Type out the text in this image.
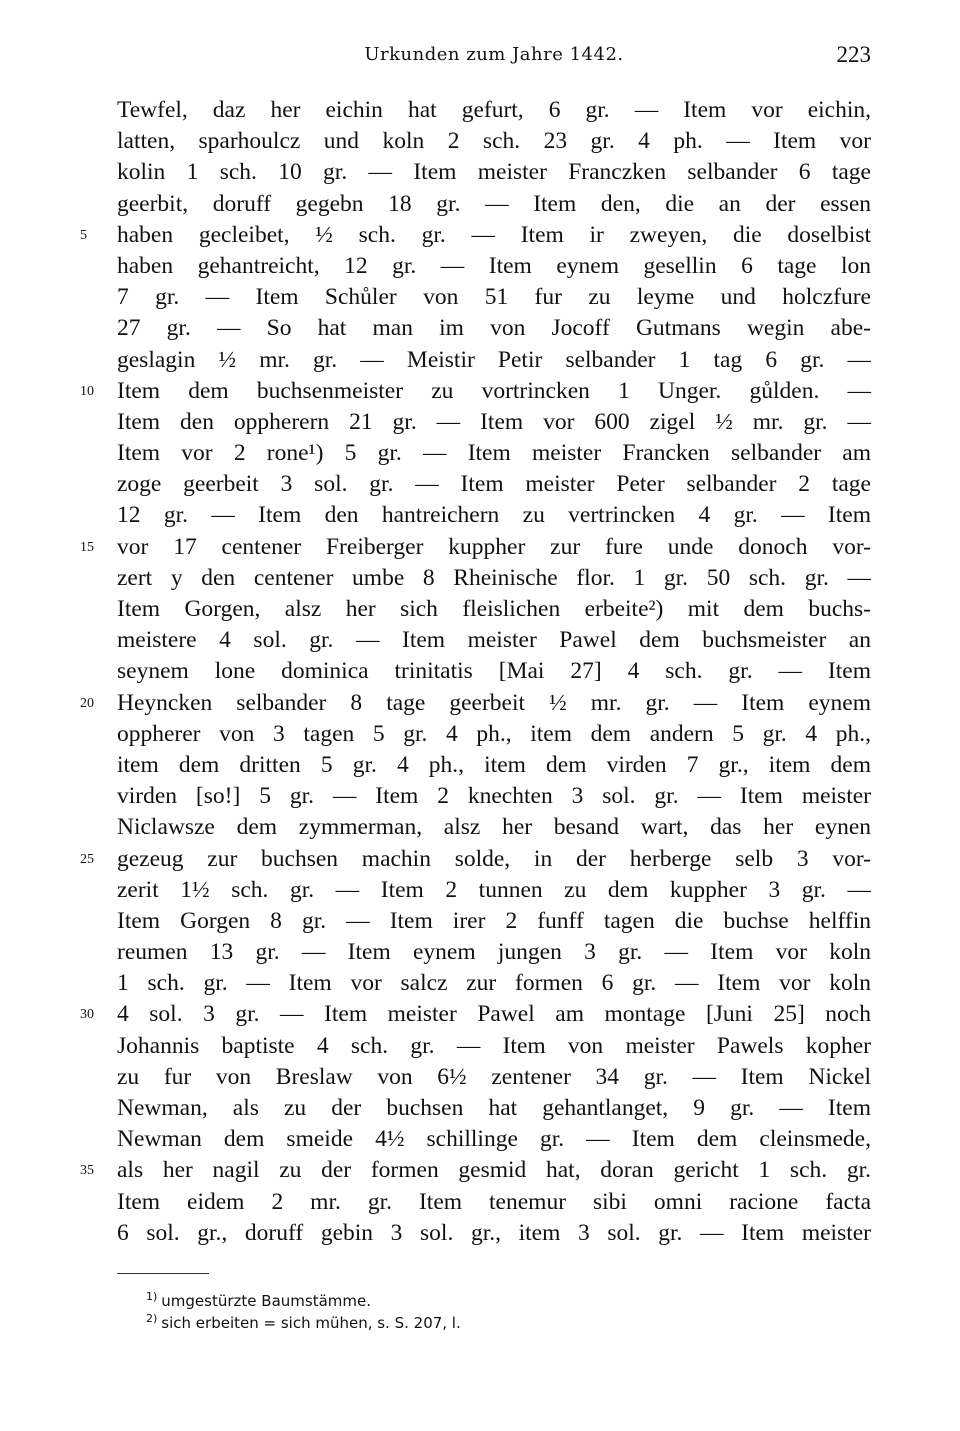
Urkunden zum Jahre 1442.	223
Tewfel, daz her eichin hat gefurt, 6 gr. — Item vor eichin,
latten, sparhoulcz und koln 2 sch. 23 gr. 4 ph. — Item vor
kolin 1 sch. 10 gr. — Item meister Franczken selbander 6 tage
geerbit, doruff gegebn 18 gr. — Item den, die an der essen
5	haben gecleibet, ½ sch. gr. — Item ir zweyen, die doselbist
haben gehantreicht, 12 gr. — Item eynem gesellin 6 tage lon
7 gr. — Item Schůler von 51 fur zu leyme und holczfure
27 gr. — So hat man im von Jocoff Gutmans wegin abe-
geslagin ½ mr. gr. — Meistir Petir selbander 1 tag 6 gr. —
10 Item dem buchsenmeister zu vortrincken 1 Unger. gůlden. —
Item den oppherern 21 gr. — Item vor 600 zigel ½ mr. gr. —
Item vor 2 rone¹) 5 gr. — Item meister Francken selbander am
zoge geerbeit 3 sol. gr. — Item meister Peter selbander 2 tage
12 gr. — Item den hantreichern zu vertrincken 4 gr. — Item
15 vor 17 centener Freiberger kuppher zur fure unde donoch vor-
zert y den centener umbe 8 Rheinische flor. 1 gr. 50 sch. gr. —
Item Gorgen, alsz her sich fleislichen erbeite²) mit dem buchs-
meistere 4 sol. gr. — Item meister Pawel dem buchsmeister an
seynem lone dominica trinitatis [Mai 27] 4 sch. gr. — Item
20 Heyncken selbander 8 tage geerbeit ½ mr. gr. — Item eynem
oppherer von 3 tagen 5 gr. 4 ph., item dem andern 5 gr. 4 ph.,
item dem dritten 5 gr. 4 ph., item dem virden 7 gr., item dem
virden [so!] 5 gr. — Item 2 knechten 3 sol. gr. — Item meister
Niclawsze dem zymmerman, alsz her besand wart, das her eynen
25 gezeug zur buchsen machin solde, in der herberge selb 3 vor-
zerit 1½ sch. gr. — Item 2 tunnen zu dem kuppher 3 gr. —
Item Gorgen 8 gr. — Item irer 2 funff tagen die buchse helffin
reumen 13 gr. — Item eynem jungen 3 gr. — Item vor koln
1 sch. gr. — Item vor salcz zur formen 6 gr. — Item vor koln
30 4 sol. 3 gr. — Item meister Pawel am montage [Juni 25] noch
Johannis baptiste 4 sch. gr. — Item von meister Pawels kopher
zu fur von Breslaw von 6½ zentener 34 gr. — Item Nickel
Newman, als zu der buchsen hat gehantlanget, 9 gr. — Item
Newman dem smeide 4½ schillinge gr. — Item dem cleinsmede,
35 als her nagil zu der formen gesmid hat, doran gericht 1 sch. gr.
Item eidem 2 mr. gr. Item tenemur sibi omni racione facta
6 sol. gr., doruff gebin 3 sol. gr., item 3 sol. gr. — Item meister
$^{1)}$ umgestürzte Baumstämme.
$^{2)}$ sich erbeiten = sich mühen, s. S. 207, l.
